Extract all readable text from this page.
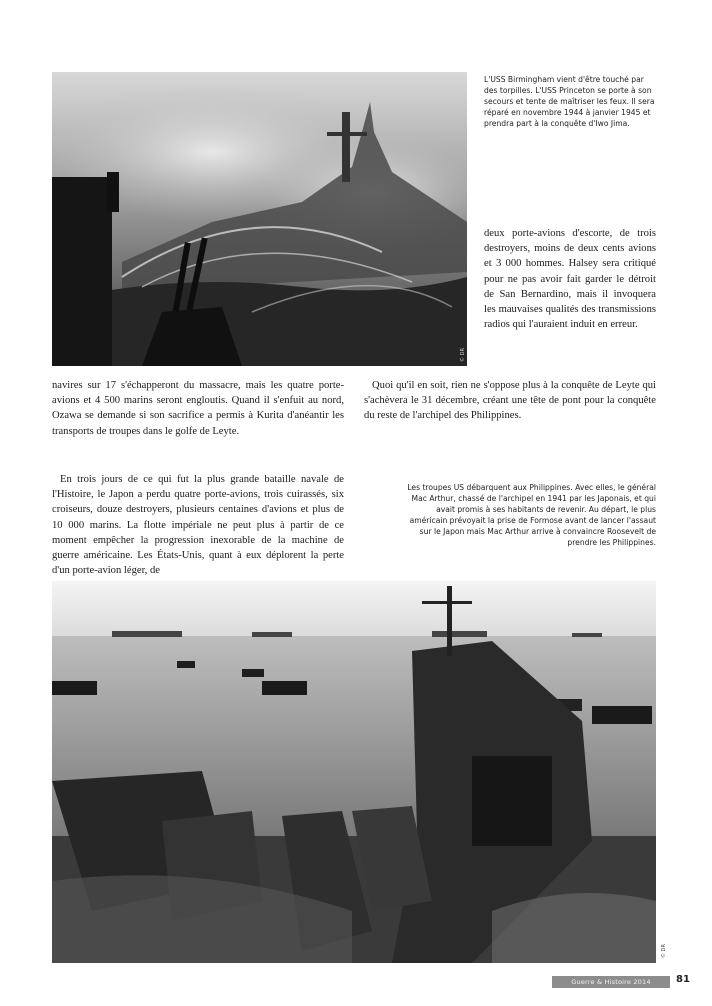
© DR

L'USS Birmingham vient d'être touché par des torpilles. L'USS Princeton se porte à son secours et tente de maîtriser les feux. Il sera réparé en novembre 1944 à janvier 1945 et prendra part à la conquête d'Iwo Jima.

deux porte-avions d'escorte, de trois destroyers, moins de deux cents avions et 3 000 hommes. Halsey sera critiqué pour ne pas avoir fait garder le détroit de San Bernardino, mais il invoquera les mauvaises qualités des transmissions radios qui l'auraient induit en erreur.

navires sur 17 s'échapperont du massacre, mais les quatre porte-avions et 4 500 marins seront engloutis. Quand il s'enfuit au nord, Ozawa se demande si son sacrifice a permis à Kurita d'anéantir les transports de troupes dans le golfe de Leyte.

Quoi qu'il en soit, rien ne s'oppose plus à la conquête de Leyte qui s'achèvera le 31 décembre, créant une tête de pont pour la conquête du reste de l'archipel des Philippines.

En trois jours de ce qui fut la plus grande bataille navale de l'Histoire, le Japon a perdu quatre porte-avions, trois cuirassés, six croiseurs, douze destroyers, plusieurs centaines d'avions et plus de 10 000 marins. La flotte impériale ne peut plus à partir de ce moment empêcher la progression inexorable de la machine de guerre américaine. Les États-Unis, quant à eux déplorent la perte d'un porte-avion léger, de

Les troupes US débarquent aux Philippines. Avec elles, le général Mac Arthur, chassé de l'archipel en 1941 par les Japonais, et qui avait promis à ses habitants de revenir. Au départ, le plus américain prévoyait la prise de Formose avant de lancer l'assaut sur le Japon mais Mac Arthur arrive à convaincre Roosevelt de prendre les Philippines.

© DR
Guerre & Histoire 2014	81
